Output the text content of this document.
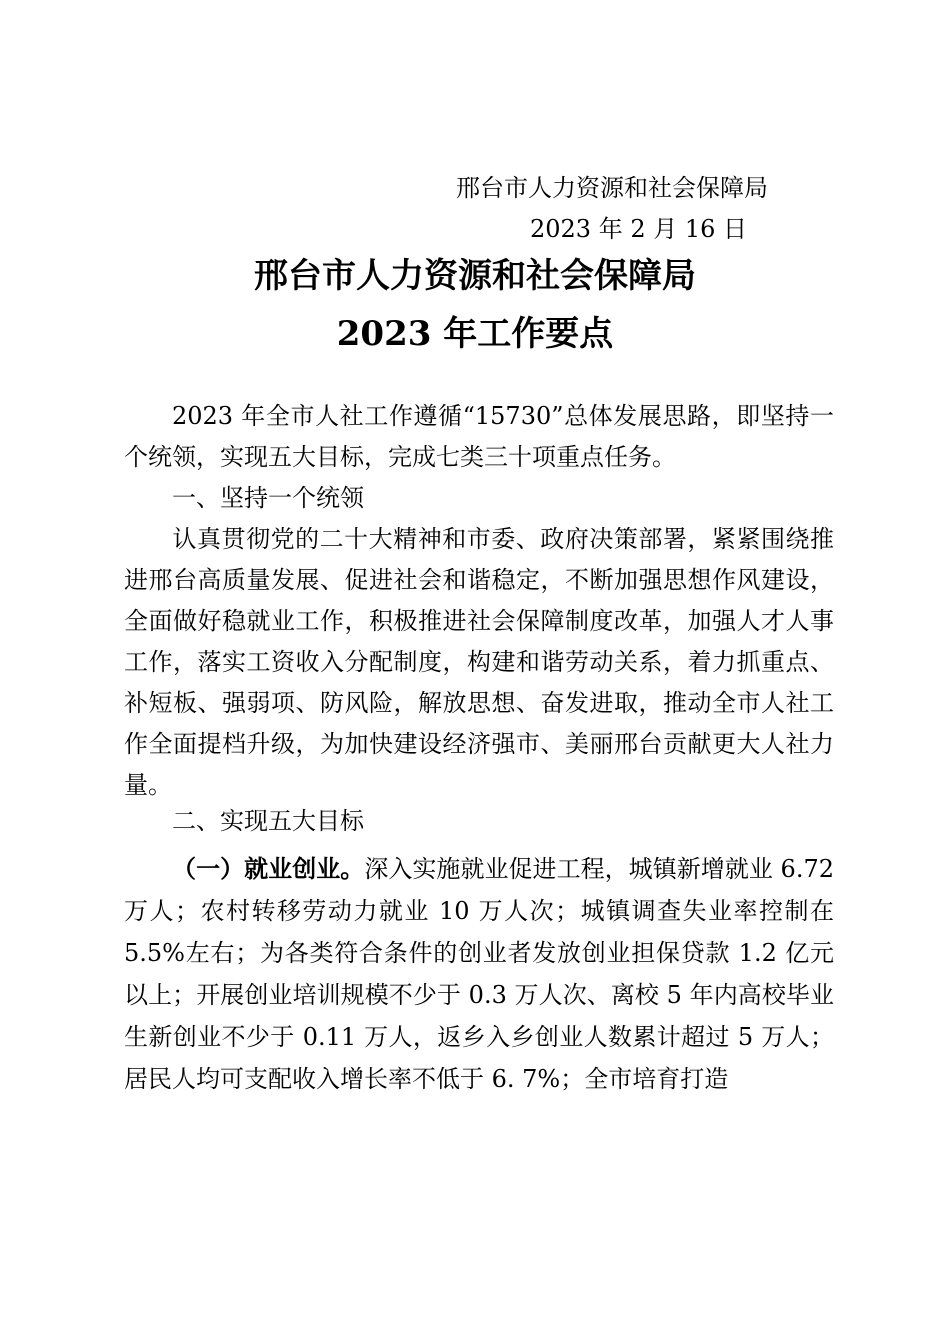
邢台市人力资源和社会保障局
2023 年 2 月 16 日
邢台市人力资源和社会保障局
2023 年工作要点
2023 年全市人社工作遵循“15730”总体发展思路，即坚持一个统领，实现五大目标，完成七类三十项重点任务。
一、坚持一个统领
认真贯彻党的二十大精神和市委、政府决策部署，紧紧围绕推进邢台高质量发展、促进社会和谐稳定，不断加强思想作风建设，全面做好稳就业工作，积极推进社会保障制度改革，加强人才人事工作，落实工资收入分配制度，构建和谐劳动关系，着力抓重点、补短板、强弱项、防风险，解放思想、奋发进取，推动全市人社工作全面提档升级，为加快建设经济强市、美丽邢台贡献更大人社力量。
二、实现五大目标
（一）就业创业。深入实施就业促进工程，城镇新增就业 6.72 万人；农村转移劳动力就业 10 万人次；城镇调查失业率控制在 5.5%左右；为各类符合条件的创业者发放创业担保贷款 1.2 亿元以上；开展创业培训规模不少于 0.3 万人次、离校 5 年内高校毕业生新创业不少于 0.11 万人，返乡入乡创业人数累计超过 5 万人；居民人均可支配收入增长率不低于 6. 7%；全市培育打造
